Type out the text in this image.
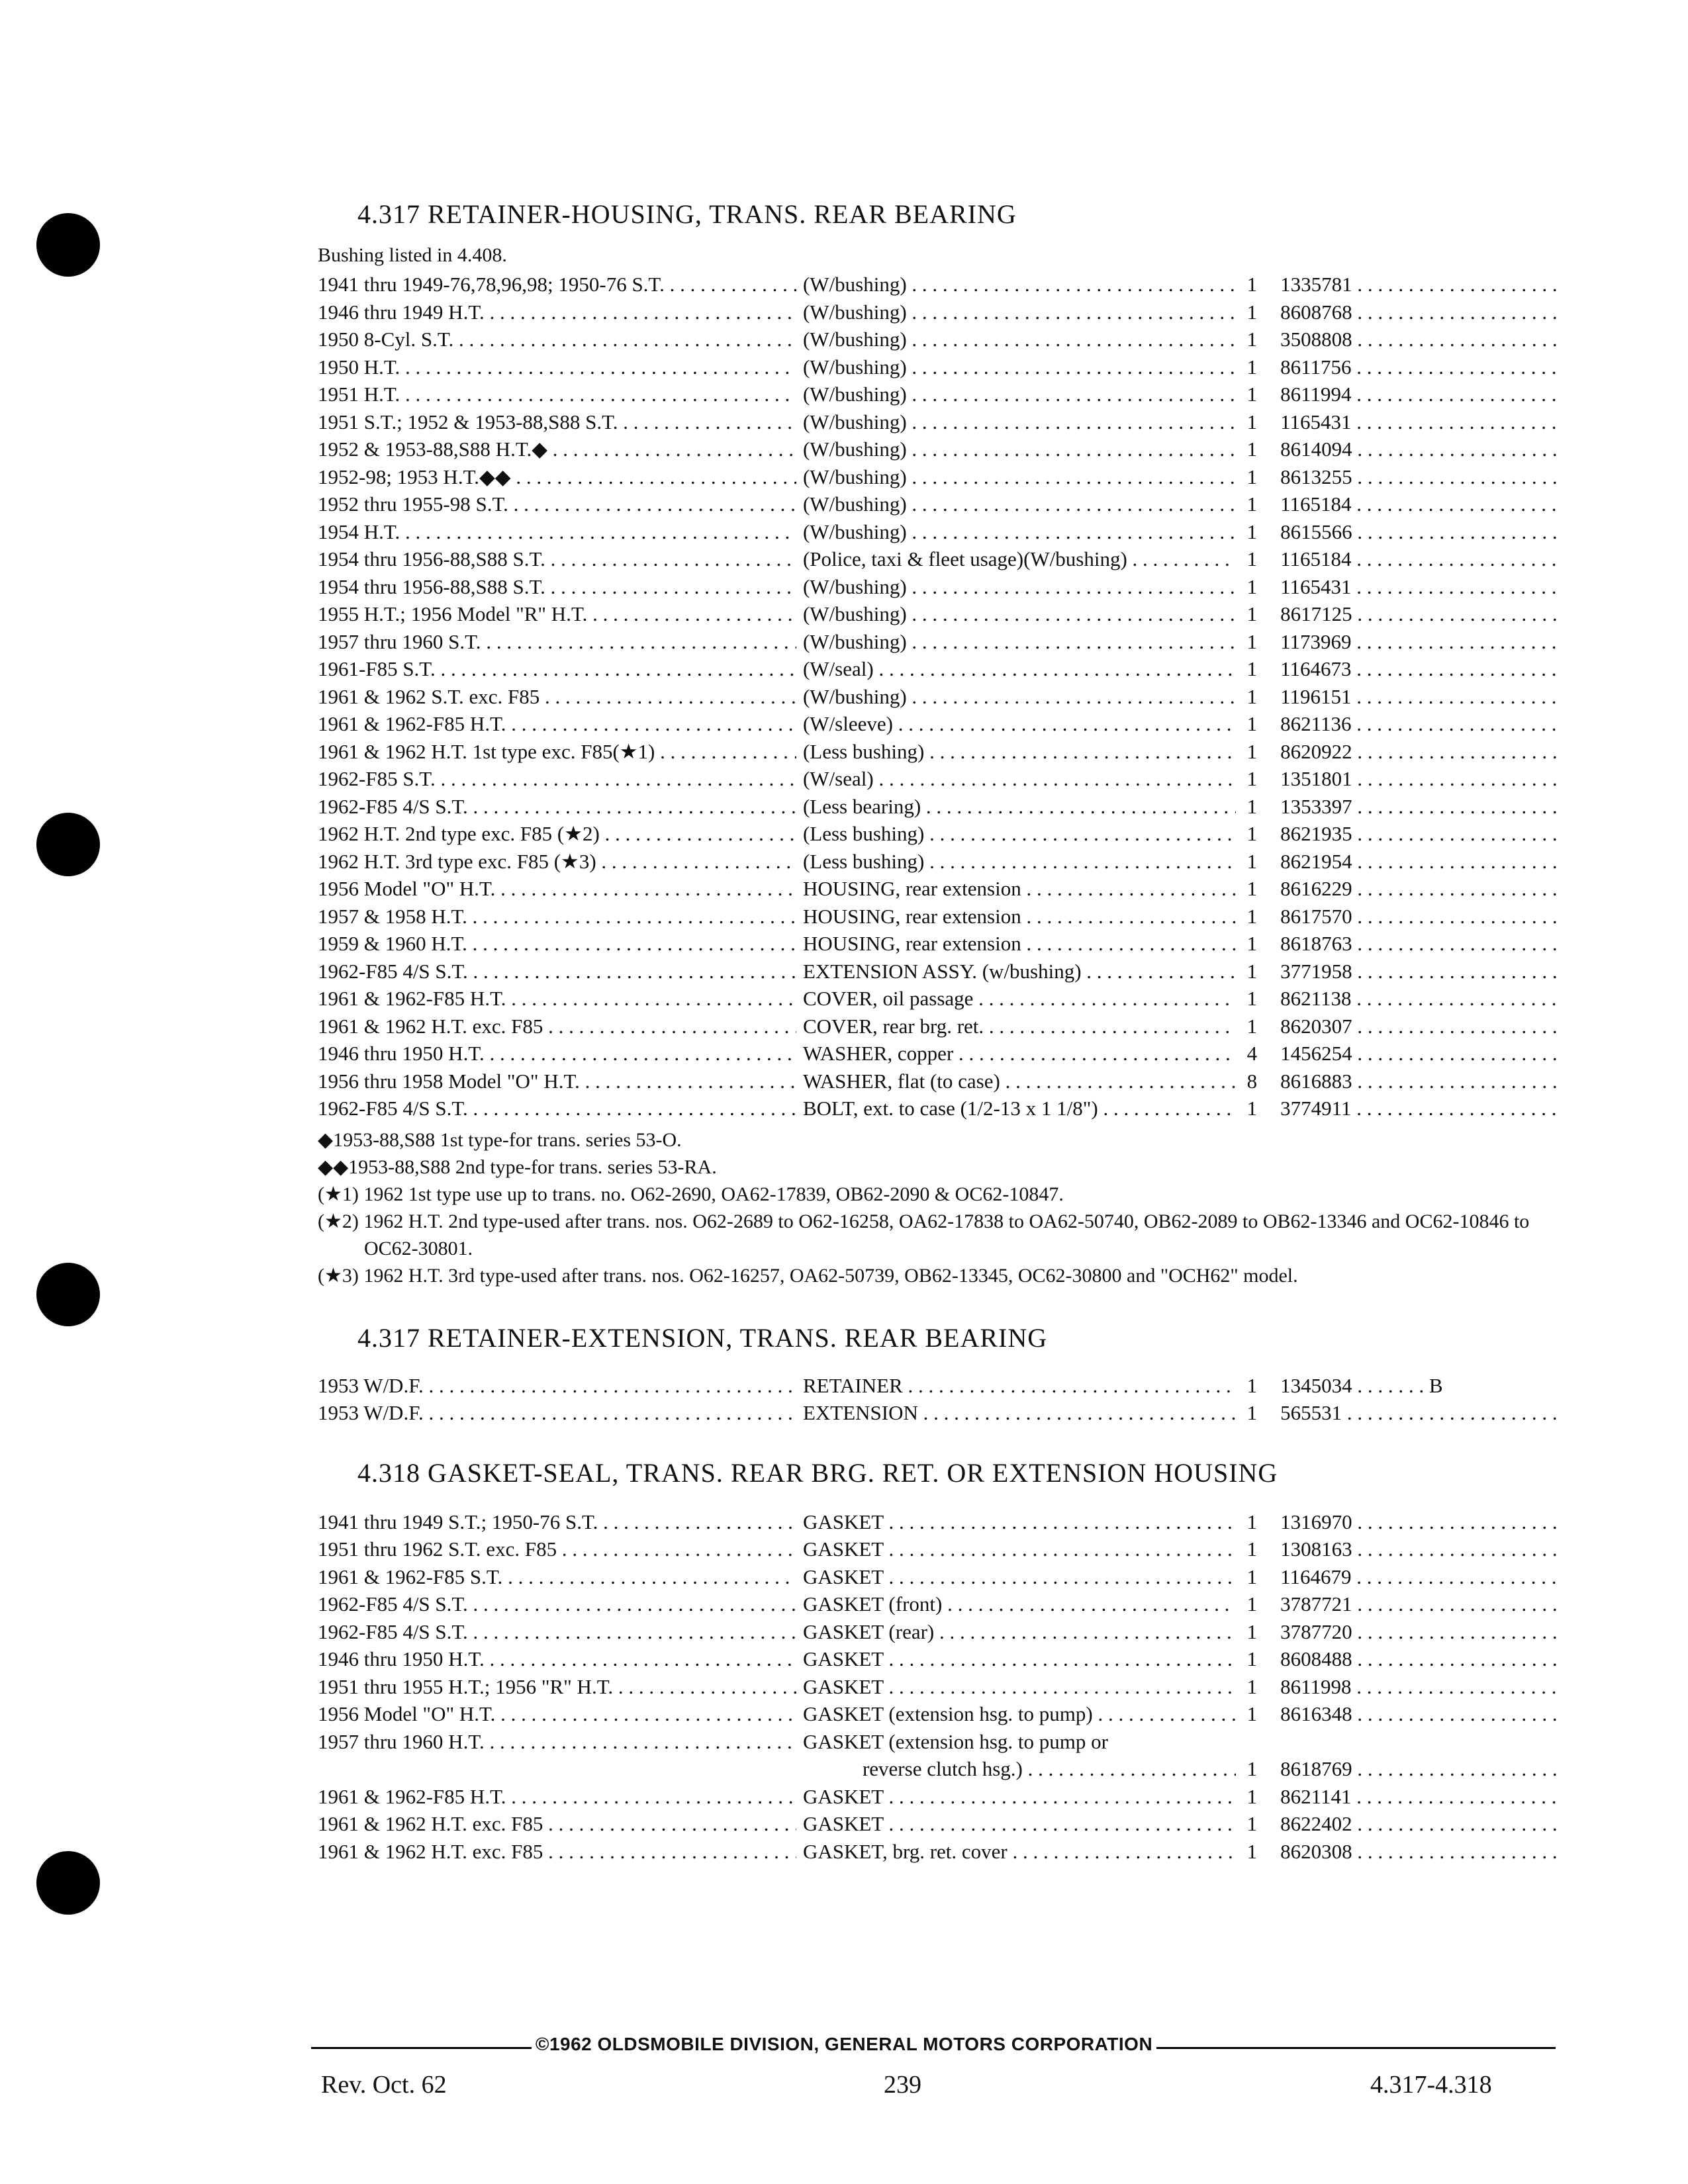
4.317 RETAINER-HOUSING, TRANS. REAR BEARING
Bushing listed in 4.408.
1941 thru 1949-76,78,96,98; 1950-76 S.T. . . .	(W/bushing) . . .	1	1335781 . . .
1946 thru 1949 H.T. . . .	(W/bushing) . . .	1	8608768 . . .
1950 8-Cyl. S.T. . . .	(W/bushing) . . .	1	3508808 . . .
1950 H.T. . . .	(W/bushing) . . .	1	8611756 . . .
1951 H.T. . . .	(W/bushing) . . .	1	8611994 . . .
1951 S.T.; 1952 & 1953-88,S88 S.T. . . .	(W/bushing) . . .	1	1165431 . . .
1952 & 1953-88,S88 H.T.◆ . . .	(W/bushing) . . .	1	8614094 . . .
1952-98; 1953 H.T.◆◆ . . .	(W/bushing) . . .	1	8613255 . . .
1952 thru 1955-98 S.T. . . .	(W/bushing) . . .	1	1165184 . . .
1954 H.T. . . .	(W/bushing) . . .	1	8615566 . . .
1954 thru 1956-88,S88 S.T. . . .	(Police, taxi & fleet usage)(W/bushing) . . .	1	1165184 . . .
1954 thru 1956-88,S88 S.T. . . .	(W/bushing) . . .	1	1165431 . . .
1955 H.T.; 1956 Model "R" H.T. . . .	(W/bushing) . . .	1	8617125 . . .
1957 thru 1960 S.T. . . .	(W/bushing) . . .	1	1173969 . . .
1961-F85 S.T. . . .	(W/seal) . . .	1	1164673 . . .
1961 & 1962 S.T. exc. F85 . . .	(W/bushing) . . .	1	1196151 . . .
1961 & 1962-F85 H.T. . . .	(W/sleeve) . . .	1	8621136 . . .
1961 & 1962 H.T. 1st type exc. F85(★1) . . .	(Less bushing) . . .	1	8620922 . . .
1962-F85 S.T. . . .	(W/seal) . . .	1	1351801 . . .
1962-F85 4/S S.T. . . .	(Less bearing) . . .	1	1353397 . . .
1962 H.T. 2nd type exc. F85 (★2) . . .	(Less bushing) . . .	1	8621935 . . .
1962 H.T. 3rd type exc. F85 (★3) . . .	(Less bushing) . . .	1	8621954 . . .
1956 Model "O" H.T. . . .	HOUSING, rear extension . . .	1	8616229 . . .
1957 & 1958 H.T. . . .	HOUSING, rear extension . . .	1	8617570 . . .
1959 & 1960 H.T. . . .	HOUSING, rear extension . . .	1	8618763 . . .
1962-F85 4/S S.T. . . .	EXTENSION ASSY. (w/bushing) . . .	1	3771958 . . .
1961 & 1962-F85 H.T. . . .	COVER, oil passage . . .	1	8621138 . . .
1961 & 1962 H.T. exc. F85 . . .	COVER, rear brg. ret. . . .	1	8620307 . . .
1946 thru 1950 H.T. . . .	WASHER, copper . . .	4	1456254 . . .
1956 thru 1958 Model "O" H.T. . . .	WASHER, flat (to case) . . .	8	8616883 . . .
1962-F85 4/S S.T. . . .	BOLT, ext. to case (1/2-13 x 1 1/8") . . .	1	3774911 . . .
◆1953-88,S88 1st type-for trans. series 53-O.
◆◆1953-88,S88 2nd type-for trans. series 53-RA.
(★1) 1962 1st type use up to trans. no. O62-2690, OA62-17839, OB62-2090 & OC62-10847.
(★2) 1962 H.T. 2nd type-used after trans. nos. O62-2689 to O62-16258, OA62-17838 to OA62-50740, OB62-2089 to OB62-13346 and OC62-10846 to OC62-30801.
(★3) 1962 H.T. 3rd type-used after trans. nos. O62-16257, OA62-50739, OB62-13345, OC62-30800 and "OCH62" model.
4.317 RETAINER-EXTENSION, TRANS. REAR BEARING
1953 W/D.F. . . .	RETAINER . . .	1	1345034 . . . . . . . B
1953 W/D.F. . . .	EXTENSION . . .	1	565531 . . .
4.318 GASKET-SEAL, TRANS. REAR BRG. RET. OR EXTENSION HOUSING
1941 thru 1949 S.T.; 1950-76 S.T. . . .	GASKET . . .	1	1316970 . . .
1951 thru 1962 S.T. exc. F85 . . .	GASKET . . .	1	1308163 . . .
1961 & 1962-F85 S.T. . . .	GASKET . . .	1	1164679 . . .
1962-F85 4/S S.T. . . .	GASKET (front) . . .	1	3787721 . . .
1962-F85 4/S S.T. . . .	GASKET (rear) . . .	1	3787720 . . .
1946 thru 1950 H.T. . . .	GASKET . . .	1	8608488 . . .
1951 thru 1955 H.T.; 1956 "R" H.T. . . .	GASKET . . .	1	8611998 . . .
1956 Model "O" H.T. . . .	GASKET (extension hsg. to pump) . . .	1	8616348 . . .
1957 thru 1960 H.T. . . .	GASKET (extension hsg. to pump or
reverse clutch hsg.) . . .	1	8618769 . . .
1961 & 1962-F85 H.T. . . .	GASKET . . .	1	8621141 . . .
1961 & 1962 H.T. exc. F85 . . .	GASKET . . .	1	8622402 . . .
1961 & 1962 H.T. exc. F85 . . .	GASKET, brg. ret. cover . . .	1	8620308 . . .
©1962 OLDSMOBILE DIVISION, GENERAL MOTORS CORPORATION
Rev. Oct. 62	239	4.317-4.318
